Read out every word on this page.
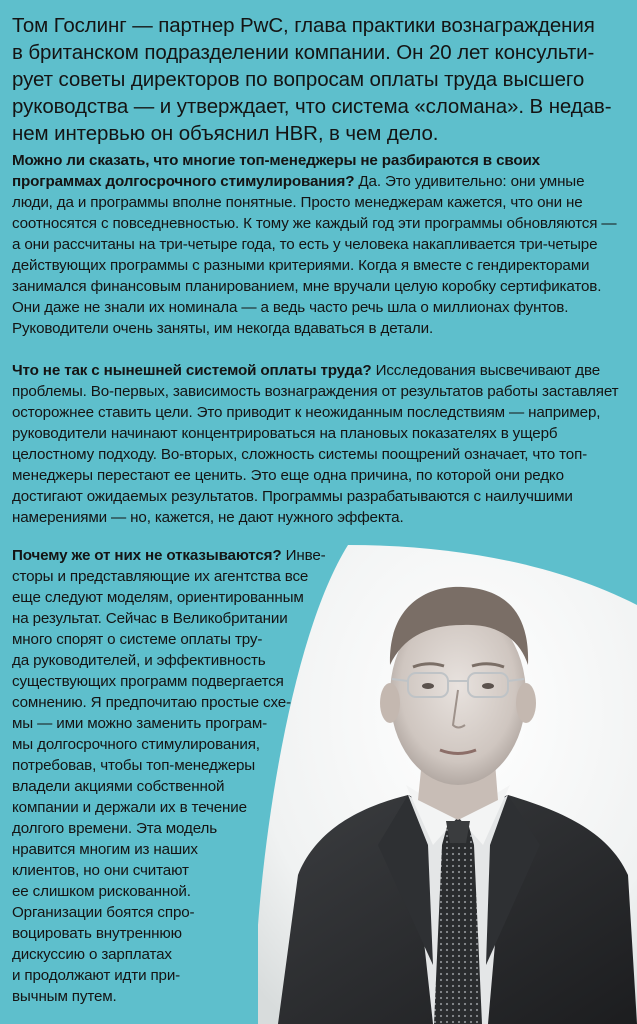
Том Гослинг — партнер PwC, глава практики вознаграждения
в британском подразделении компании. Он 20 лет консульти-
рует советы директоров по вопросам оплаты труда высшего
руководства — и утверждает, что система «сломана». В недав-
нем интервью он объяснил HBR, в чем дело.
Можно ли сказать, что многие топ-менеджеры не разбираются в своих программах долгосрочного стимулирования? Да. Это удивительно: они умные люди, да и программы вполне понятные. Просто менеджерам кажется, что они не соотносятся с повседневностью. К тому же каждый год эти программы обновляются — а они рассчитаны на три-четыре года, то есть у человека накапливается три-четыре действующих программы с разными критериями. Когда я вместе с гендиректорами занимался финансовым планированием, мне вручали целую коробку сертификатов. Они даже не знали их номинала — а ведь часто речь шла о миллионах фунтов. Руководители очень заняты, им некогда вдаваться в детали.
Что не так с нынешней системой оплаты труда? Исследования высвечивают две проблемы. Во-первых, зависимость вознаграждения от результатов работы заставляет осторожнее ставить цели. Это приводит к неожиданным последствиям — например, руководители начинают концентрироваться на плановых показателях в ущерб целостному подходу. Во-вторых, сложность системы поощрений означает, что топ-менеджеры перестают ее ценить. Это еще одна причина, по которой они редко достигают ожидаемых результатов. Программы разрабатываются с наилучшими намерениями — но, кажется, не дают нужного эффекта.
Почему же от них не отказываются? Инве-
сторы и представляющие их агентства все
еще следуют моделям, ориентированным
на результат. Сейчас в Великобритании
много спорят о системе оплаты тру-
да руководителей, и эффективность
существующих программ подвергается
сомнению. Я предпочитаю простые схе-
мы — ими можно заменить програм-
мы долгосрочного стимулирования,
потребовав, чтобы топ-менеджеры
владели акциями собственной
компании и держали их в течение
долгого времени. Эта модель
нравится многим из наших
клиентов, но они считают
ее слишком рискованной.
Организации боятся спро-
воцировать внутреннюю
дискуссию о зарплатах
и продолжают идти при-
вычным путем.
